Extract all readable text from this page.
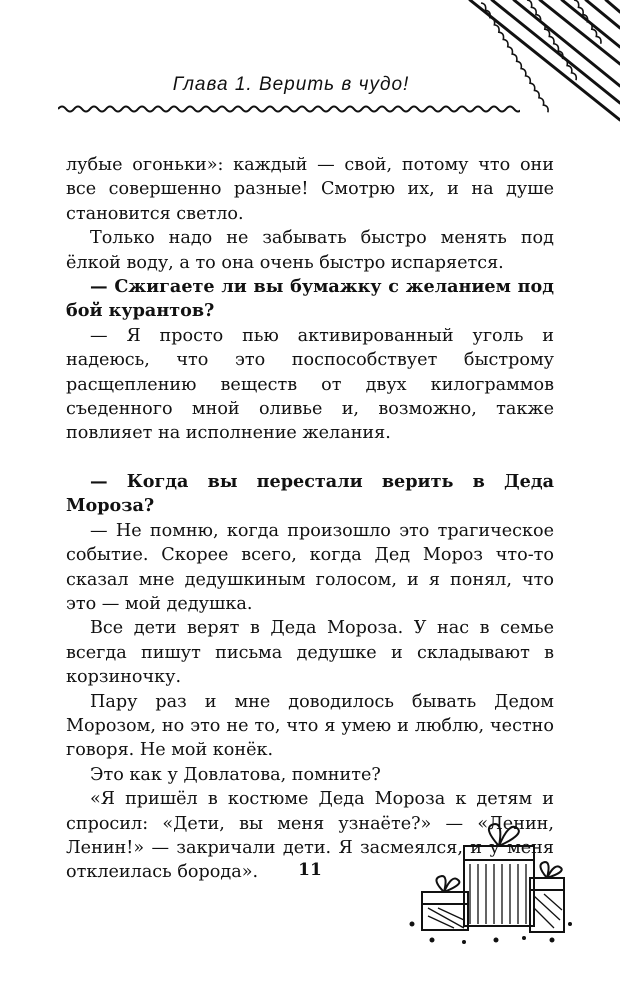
Глава 1. Верить в чудо!

лубые огоньки»: каждый — свой, потому что они все совершенно разные! Смотрю их, и на душе становится светло.

Только надо не забывать быстро менять под ёлкой воду, а то она очень быстро испаряется.

— Сжигаете ли вы бумажку с желанием под бой курантов?

— Я просто пью активированный уголь и надеюсь, что это поспособствует быстрому расщеплению веществ от двух килограммов съеденного мной оливье и, возможно, также повлияет на исполнение желания.

— Когда вы перестали верить в Деда Мороза?

— Не помню, когда произошло это трагическое событие. Скорее всего, когда Дед Мороз что-то сказал мне дедушкиным голосом, и я понял, что это — мой дедушка.

Все дети верят в Деда Мороза. У нас в семье всегда пишут письма дедушке и складывают в корзиночку.

Пару раз и мне доводилось бывать Дедом Морозом, но это не то, что я умею и люблю, честно говоря. Не мой конёк.

Это как у Довлатова, помните?

«Я пришёл в костюме Деда Мороза к детям и спросил: «Дети, вы меня узнаёте?» — «Ленин, Ленин!» — закричали дети. Я засмеялся, и у меня отклеилась борода».	11
